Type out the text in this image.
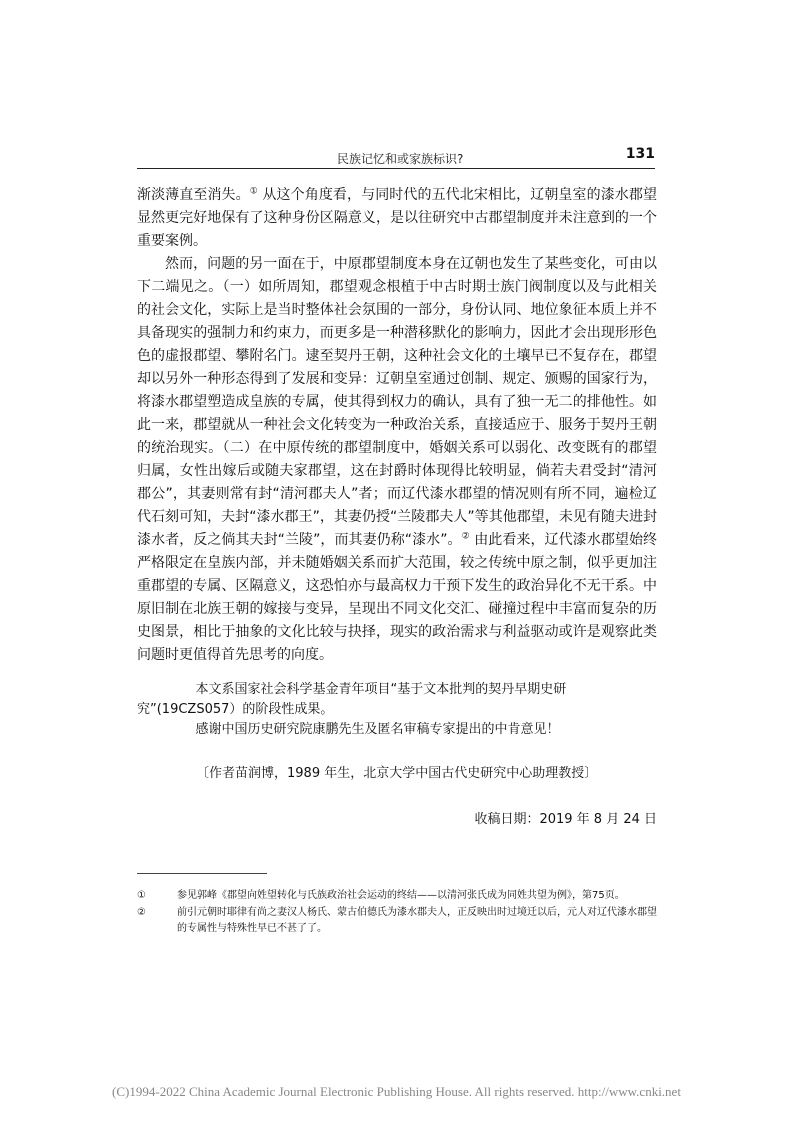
民族记忆和或家族标识?	131

渐淡薄直至消失。① 从这个角度看，与同时代的五代北宋相比，辽朝皇室的漆水郡望显然更完好地保有了这种身份区隔意义，是以往研究中古郡望制度并未注意到的一个重要案例。

然而，问题的另一面在于，中原郡望制度本身在辽朝也发生了某些变化，可由以下二端见之。（一）如所周知，郡望观念根植于中古时期士族门阀制度以及与此相关的社会文化，实际上是当时整体社会氛围的一部分，身份认同、地位象征本质上并不具备现实的强制力和约束力，而更多是一种潜移默化的影响力，因此才会出现形形色色的虚报郡望、攀附名门。逮至契丹王朝，这种社会文化的土壤早已不复存在，郡望却以另外一种形态得到了发展和变异：辽朝皇室通过创制、规定、颁赐的国家行为，将漆水郡望塑造成皇族的专属，使其得到权力的确认，具有了独一无二的排他性。如此一来，郡望就从一种社会文化转变为一种政治关系，直接适应于、服务于契丹王朝的统治现实。（二）在中原传统的郡望制度中，婚姻关系可以弱化、改变既有的郡望归属，女性出嫁后或随夫家郡望，这在封爵时体现得比较明显，倘若夫君受封“清河郡公”，其妻则常有封“清河郡夫人”者；而辽代漆水郡望的情况则有所不同，遍检辽代石刻可知，夫封“漆水郡王”，其妻仍授“兰陵郡夫人”等其他郡望，未见有随夫进封漆水者，反之倘其夫封“兰陵”，而其妻仍称“漆水”。② 由此看来，辽代漆水郡望始终严格限定在皇族内部，并未随婚姻关系而扩大范围，较之传统中原之制，似乎更加注重郡望的专属、区隔意义，这恐怕亦与最高权力干预下发生的政治异化不无干系。中原旧制在北族王朝的嫁接与变异，呈现出不同文化交汇、碰撞过程中丰富而复杂的历史图景，相比于抽象的文化比较与抉择，现实的政治需求与利益驱动或许是观察此类问题时更值得首先思考的向度。

本文系国家社会科学基金青年项目“基于文本批判的契丹早期史研究”(19CZS057）的阶段性成果。

感谢中国历史研究院康鹏先生及匿名审稿专家提出的中肯意见！

〔作者苗润博，1989 年生，北京大学中国古代史研究中心助理教授〕
收稿日期：2019 年 8 月 24 日
①	参见郭峰《郡望向姓望转化与氏族政治社会运动的终结——以清河张氏成为同姓共望为例》，第75页。
②	前引元朝时耶律有尚之妻汉人杨氏、蒙古伯德氏为漆水郡夫人，正反映出时过境迁以后，元人对辽代漆水郡望的专属性与特殊性早已不甚了了。
(C)1994-2022 China Academic Journal Electronic Publishing House. All rights reserved. http://www.cnki.net
